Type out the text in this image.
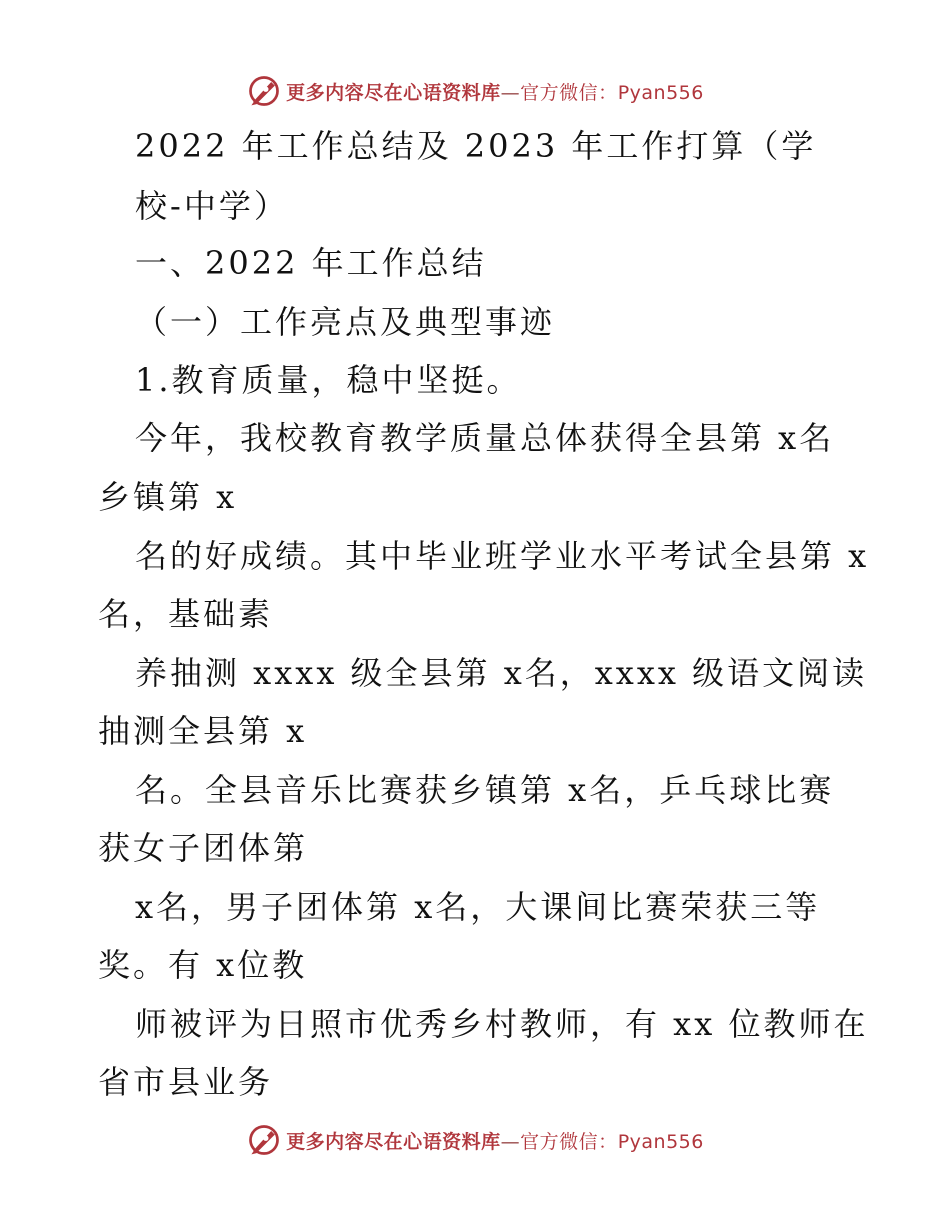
更多内容尽在心语资料库—官方微信：Pyan556
2022 年工作总结及 2023 年工作打算（学
校-中学）
一、2022 年工作总结
（一）工作亮点及典型事迹
1.教育质量，稳中坚挺。
今年，我校教育教学质量总体获得全县第 x名
乡镇第 x
名的好成绩。其中毕业班学业水平考试全县第 x
名，基础素
养抽测 xxxx 级全县第 x名，xxxx 级语文阅读
抽测全县第 x
名。全县音乐比赛获乡镇第 x名，乒乓球比赛
获女子团体第
x名，男子团体第 x名，大课间比赛荣获三等
奖。有 x位教
师被评为日照市优秀乡村教师，有 xx 位教师在
省市县业务
更多内容尽在心语资料库—官方微信：Pyan556
